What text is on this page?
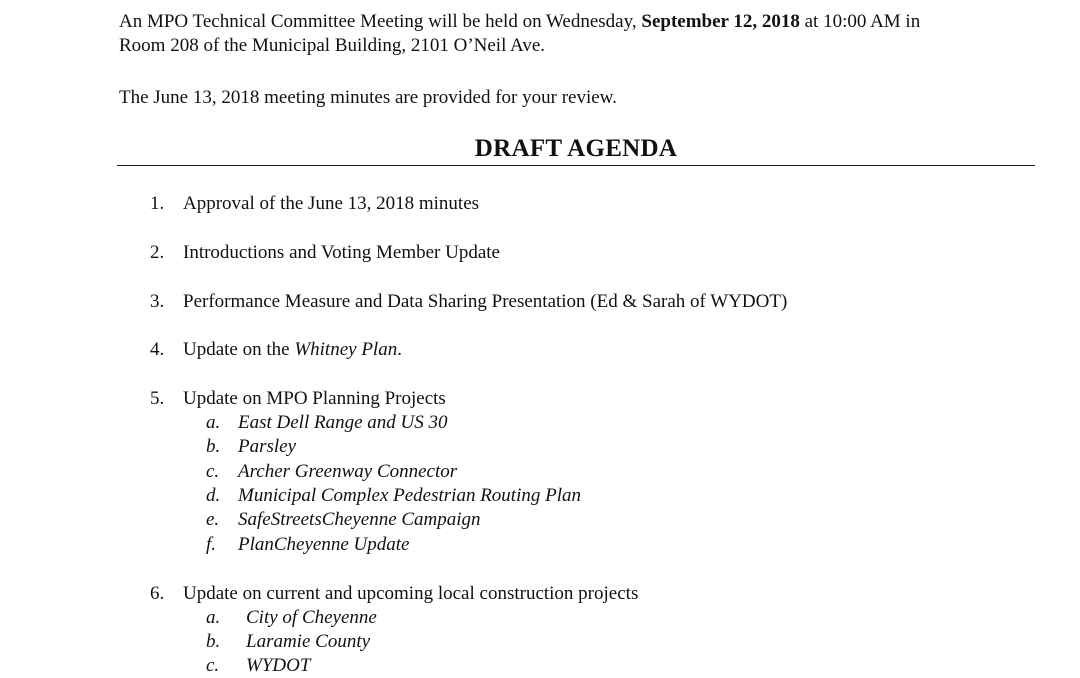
An MPO Technical Committee Meeting will be held on Wednesday, September 12, 2018 at 10:00 AM in
Room 208 of the Municipal Building, 2101 O’Neil Ave.
The June 13, 2018 meeting minutes are provided for your review.
DRAFT AGENDA
1. Approval of the June 13, 2018 minutes
2. Introductions and Voting Member Update
3. Performance Measure and Data Sharing Presentation (Ed & Sarah of WYDOT)
4. Update on the Whitney Plan.
5. Update on MPO Planning Projects
a. East Dell Range and US 30
b. Parsley
c. Archer Greenway Connector
d. Municipal Complex Pedestrian Routing Plan
e. SafeStreetsCheyenne Campaign
f. PlanCheyenne Update
6. Update on current and upcoming local construction projects
a. City of Cheyenne
b. Laramie County
c. WYDOT
